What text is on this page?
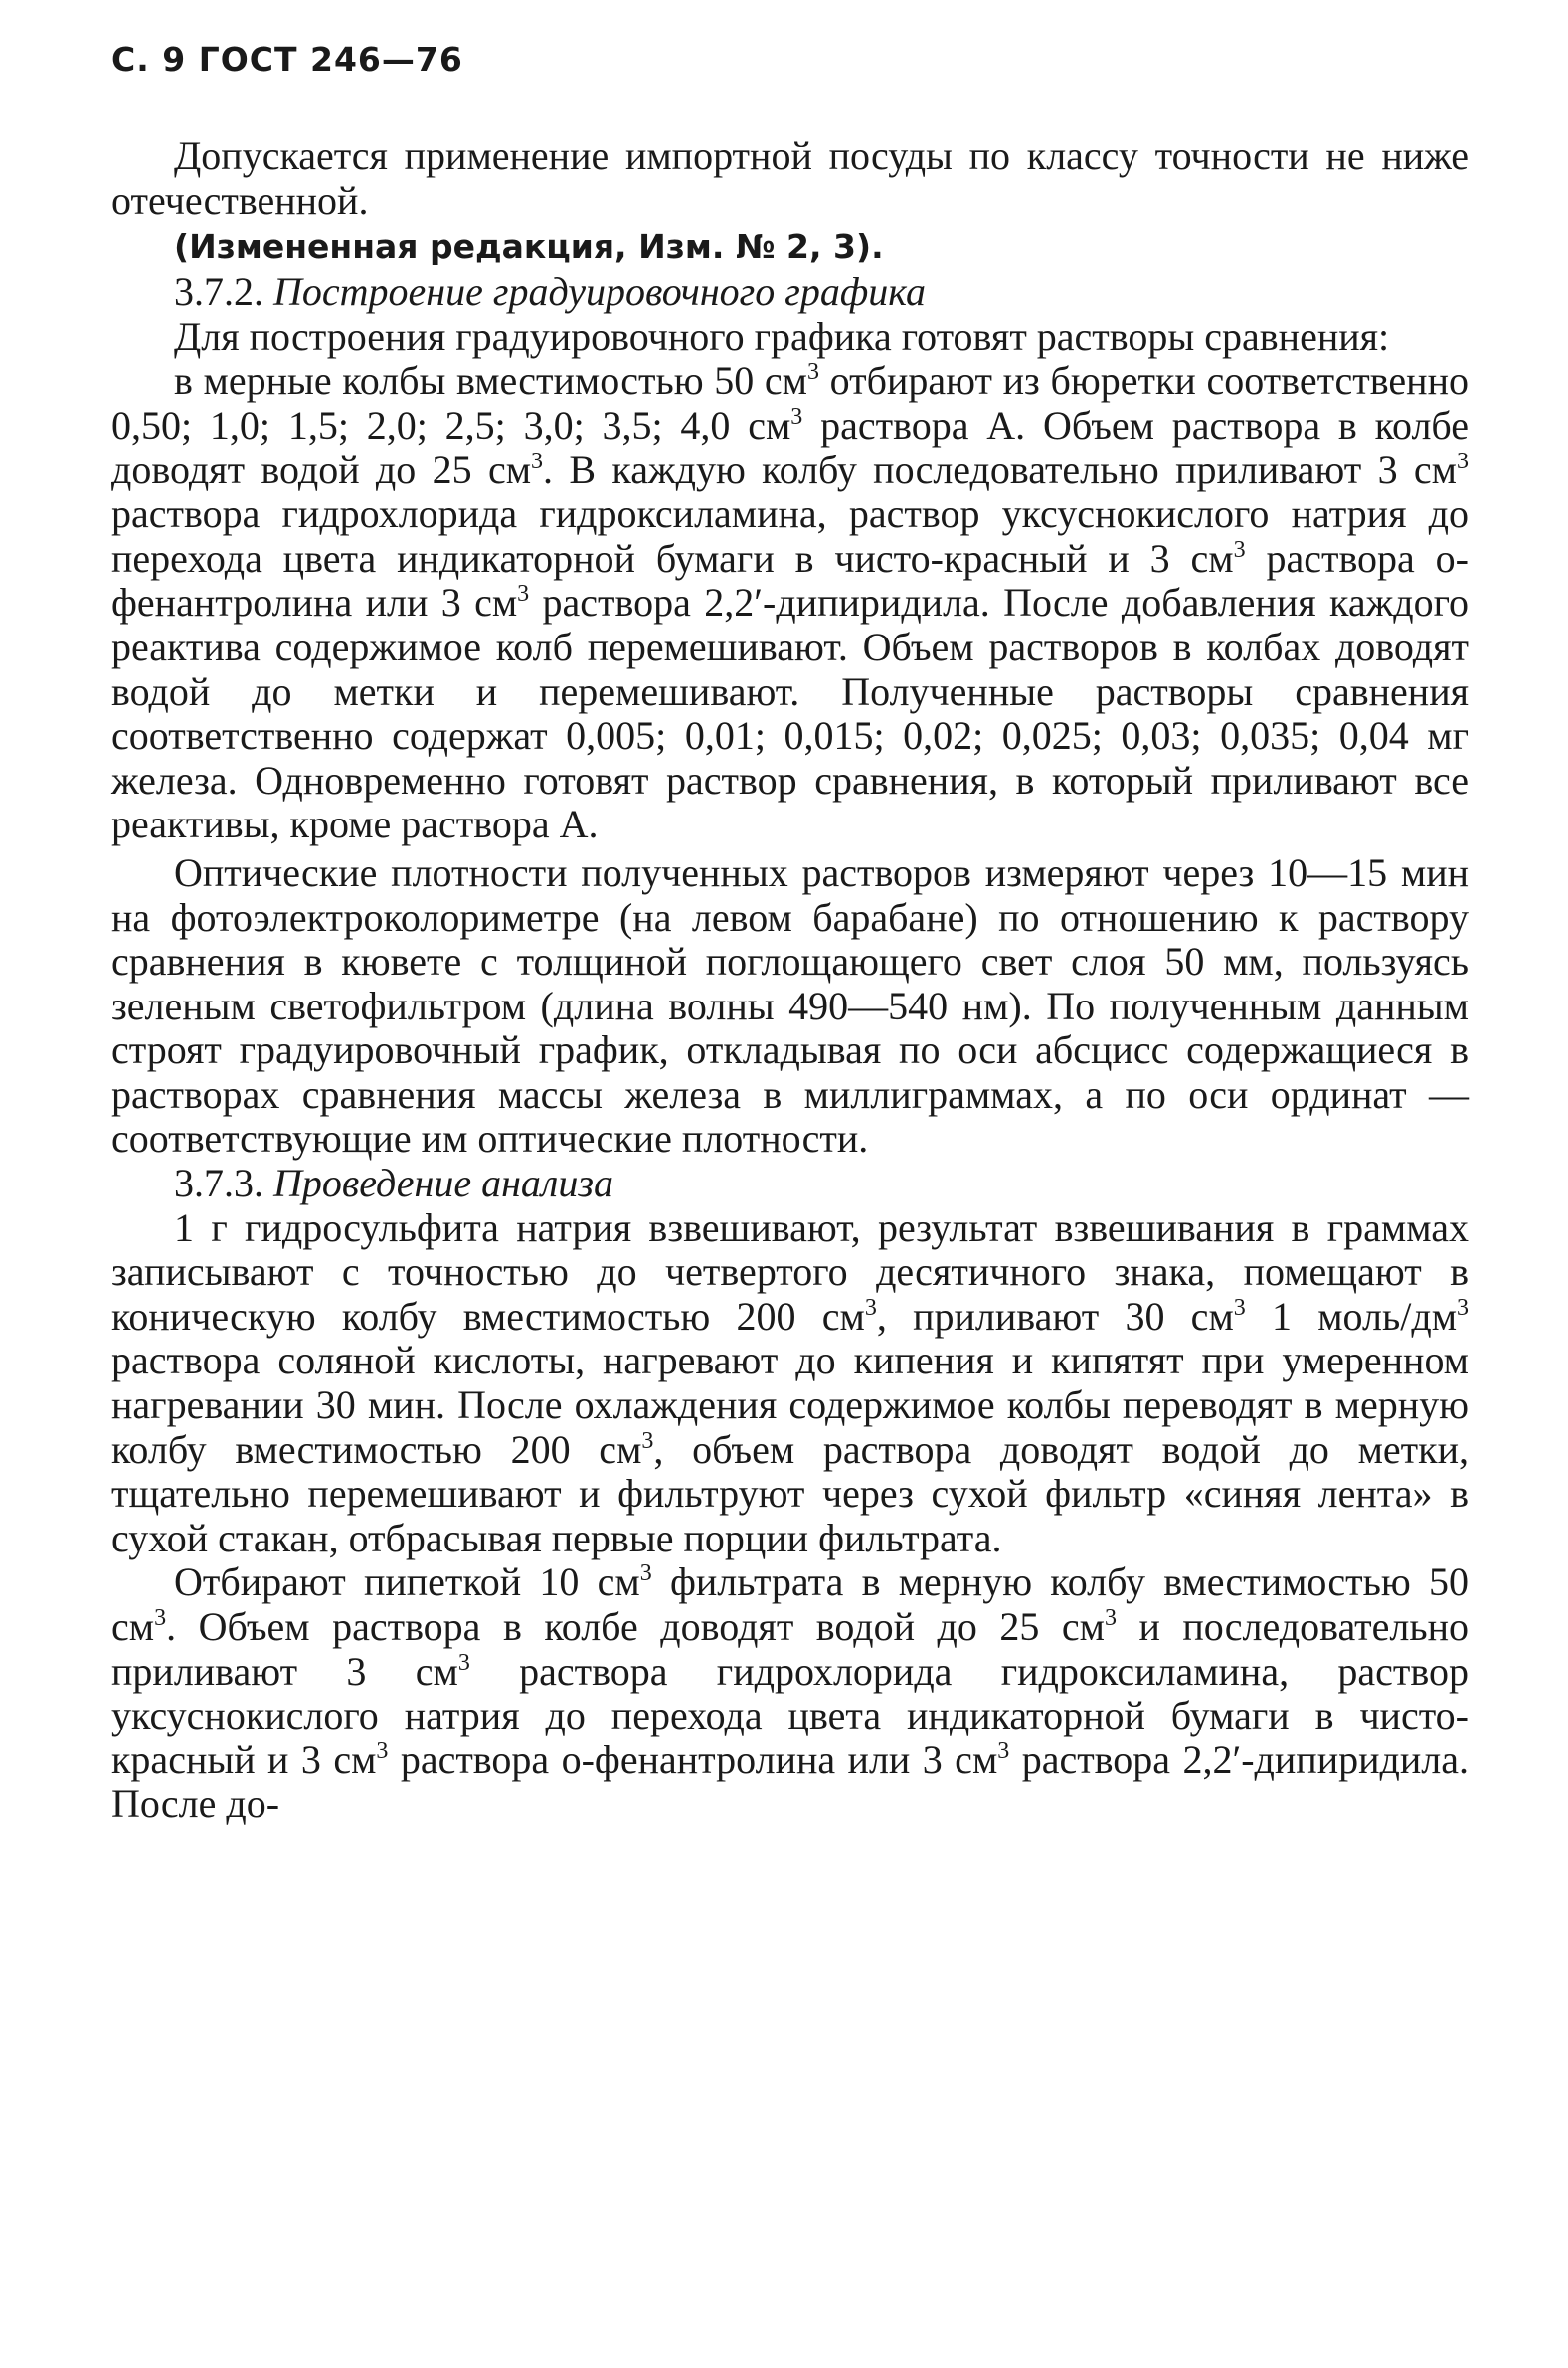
С. 9 ГОСТ 246—76

Допускается применение импортной посуды по классу точности не ниже отечественной.

(Измененная редакция, Изм. № 2, 3).

3.7.2. Построение градуировочного графика

Для построения градуировочного графика готовят растворы сравнения:

в мерные колбы вместимостью 50 $см^3$ отбирают из бюретки соответственно 0,50; 1,0; 1,5; 2,0; 2,5; 3,0; 3,5; 4,0 $см^3$ раствора А. Объем раствора в колбе доводят водой до 25 $см^3$. В каждую колбу последовательно приливают 3 $см^3$ раствора гидрохлорида гидроксиламина, раствор уксуснокислого натрия до перехода цвета индикаторной бумаги в чисто-красный и 3 $см^3$ раствора о-фенантролина или 3 $см^3$ раствора 2,2′-дипиридила. После добавления каждого реактива содержимое колб перемешивают. Объем растворов в колбах доводят водой до метки и перемешивают. Полученные растворы сравнения соответственно содержат 0,005; 0,01; 0,015; 0,02; 0,025; 0,03; 0,035; 0,04 мг железа. Одновременно готовят раствор сравнения, в который приливают все реактивы, кроме раствора А.

Оптические плотности полученных растворов измеряют через 10—15 мин на фотоэлектроколориметре (на левом барабане) по отношению к раствору сравнения в кювете с толщиной поглощающего свет слоя 50 мм, пользуясь зеленым светофильтром (длина волны 490—540 нм). По полученным данным строят градуировочный график, откладывая по оси абсцисс содержащиеся в растворах сравнения массы железа в миллиграммах, а по оси ординат — соответствующие им оптические плотности.

3.7.3. Проведение анализа

1 г гидросульфита натрия взвешивают, результат взвешивания в граммах записывают с точностью до четвертого десятичного знака, помещают в коническую колбу вместимостью 200 $см^3$, приливают 30 $см^3$ 1 моль/$дм^3$ раствора соляной кислоты, нагревают до кипения и кипятят при умеренном нагревании 30 мин. После охлаждения содержимое колбы переводят в мерную колбу вместимостью 200 $см^3$, объем раствора доводят водой до метки, тщательно перемешивают и фильтруют через сухой фильтр «синяя лента» в сухой стакан, отбрасывая первые порции фильтрата.

Отбирают пипеткой 10 $см^3$ фильтрата в мерную колбу вместимостью 50 $см^3$. Объем раствора в колбе доводят водой до 25 $см^3$ и последовательно приливают 3 $см^3$ раствора гидрохлорида гидроксиламина, раствор уксуснокислого натрия до перехода цвета индикаторной бумаги в чисто-красный и 3 $см^3$ раствора о-фенантролина или 3 $см^3$ раствора 2,2′-дипиридила. После до-
